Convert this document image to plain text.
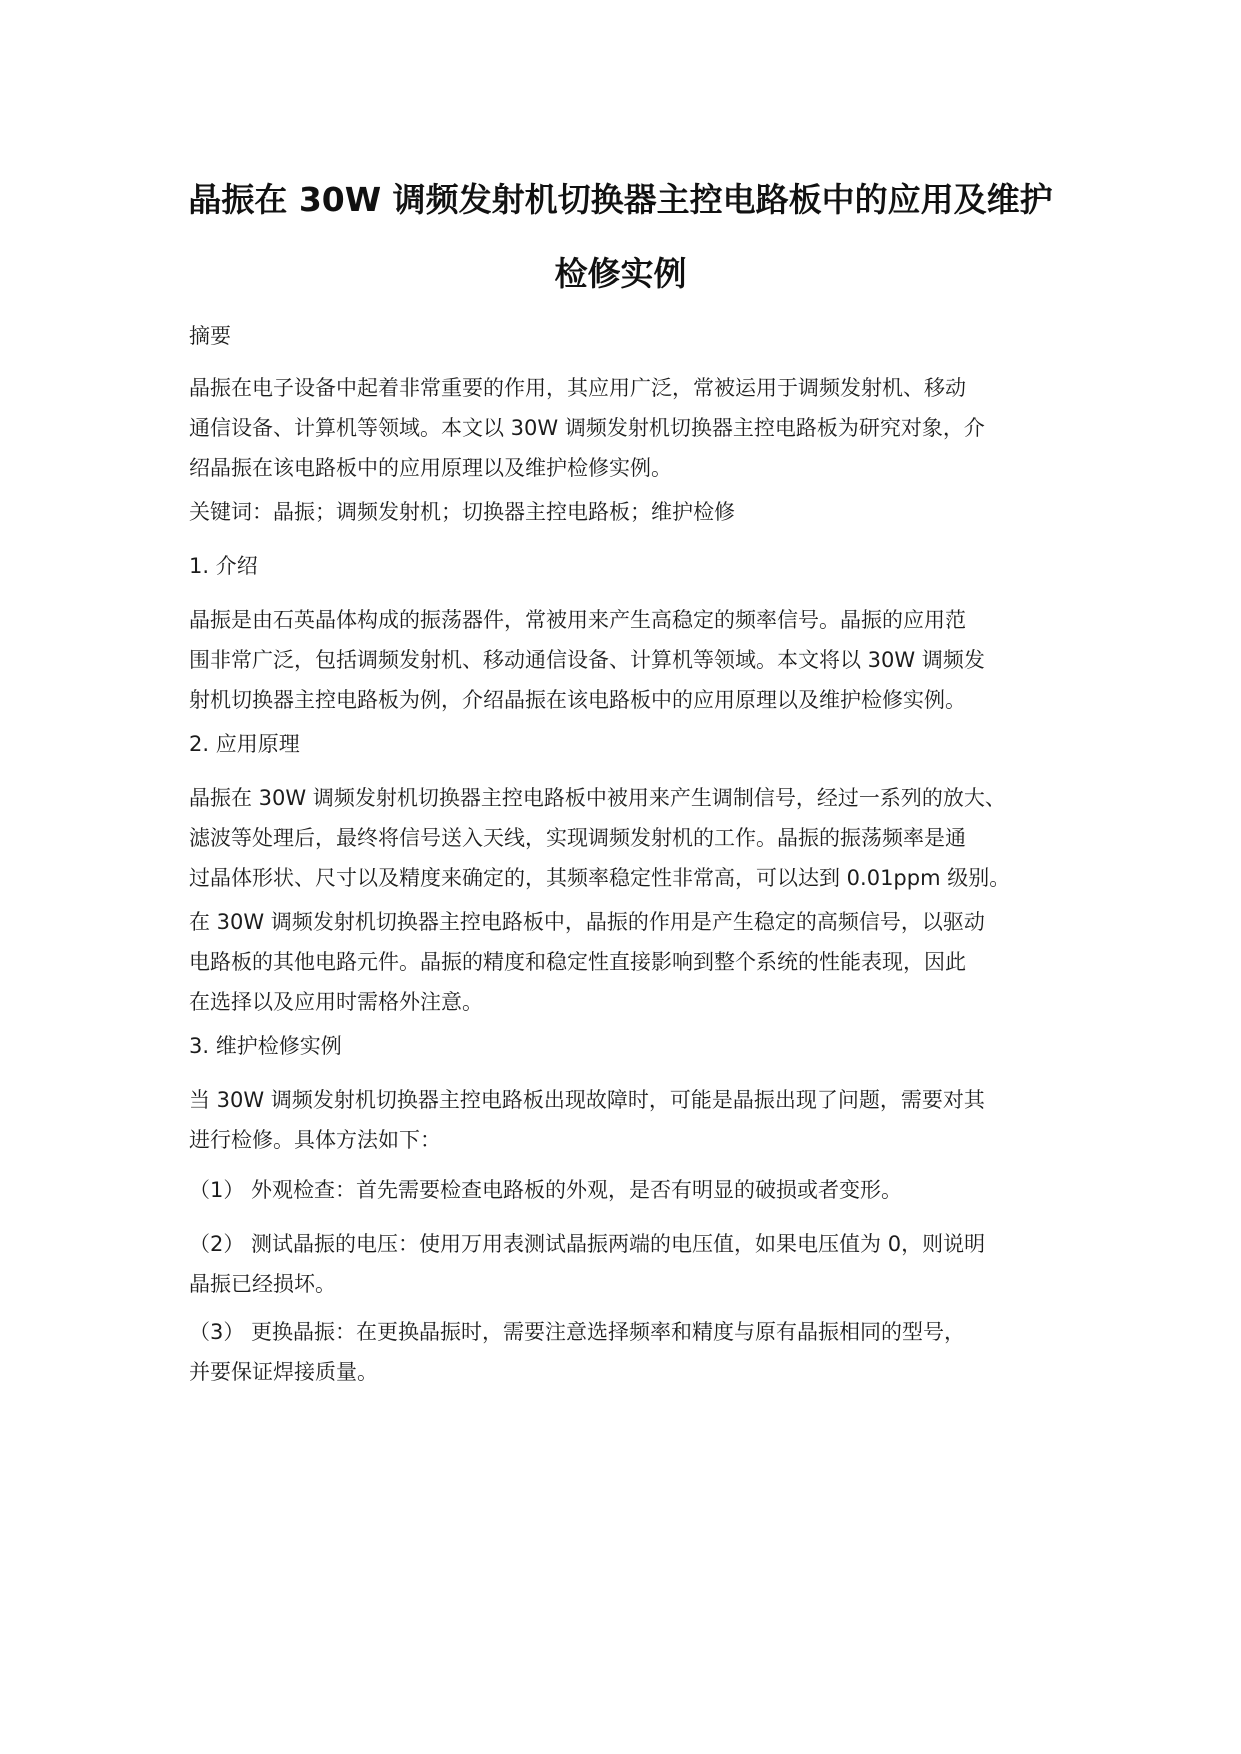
晶振在 30W 调频发射机切换器主控电路板中的应用及维护
检修实例

摘要

晶振在电子设备中起着非常重要的作用，其应用广泛，常被运用于调频发射机、移动
通信设备、计算机等领域。本文以 30W 调频发射机切换器主控电路板为研究对象，介
绍晶振在该电路板中的应用原理以及维护检修实例。

关键词：晶振；调频发射机；切换器主控电路板；维护检修

1. 介绍

晶振是由石英晶体构成的振荡器件，常被用来产生高稳定的频率信号。晶振的应用范
围非常广泛，包括调频发射机、移动通信设备、计算机等领域。本文将以 30W 调频发
射机切换器主控电路板为例，介绍晶振在该电路板中的应用原理以及维护检修实例。

2. 应用原理

晶振在 30W 调频发射机切换器主控电路板中被用来产生调制信号，经过一系列的放大、
滤波等处理后，最终将信号送入天线，实现调频发射机的工作。晶振的振荡频率是通
过晶体形状、尺寸以及精度来确定的，其频率稳定性非常高，可以达到 0.01ppm 级别。

在 30W 调频发射机切换器主控电路板中，晶振的作用是产生稳定的高频信号，以驱动
电路板的其他电路元件。晶振的精度和稳定性直接影响到整个系统的性能表现，因此
在选择以及应用时需格外注意。

3. 维护检修实例

当 30W 调频发射机切换器主控电路板出现故障时，可能是晶振出现了问题，需要对其
进行检修。具体方法如下：

（1） 外观检查：首先需要检查电路板的外观，是否有明显的破损或者变形。

（2） 测试晶振的电压：使用万用表测试晶振两端的电压值，如果电压值为 0，则说明
晶振已经损坏。

（3） 更换晶振：在更换晶振时，需要注意选择频率和精度与原有晶振相同的型号，
并要保证焊接质量。
